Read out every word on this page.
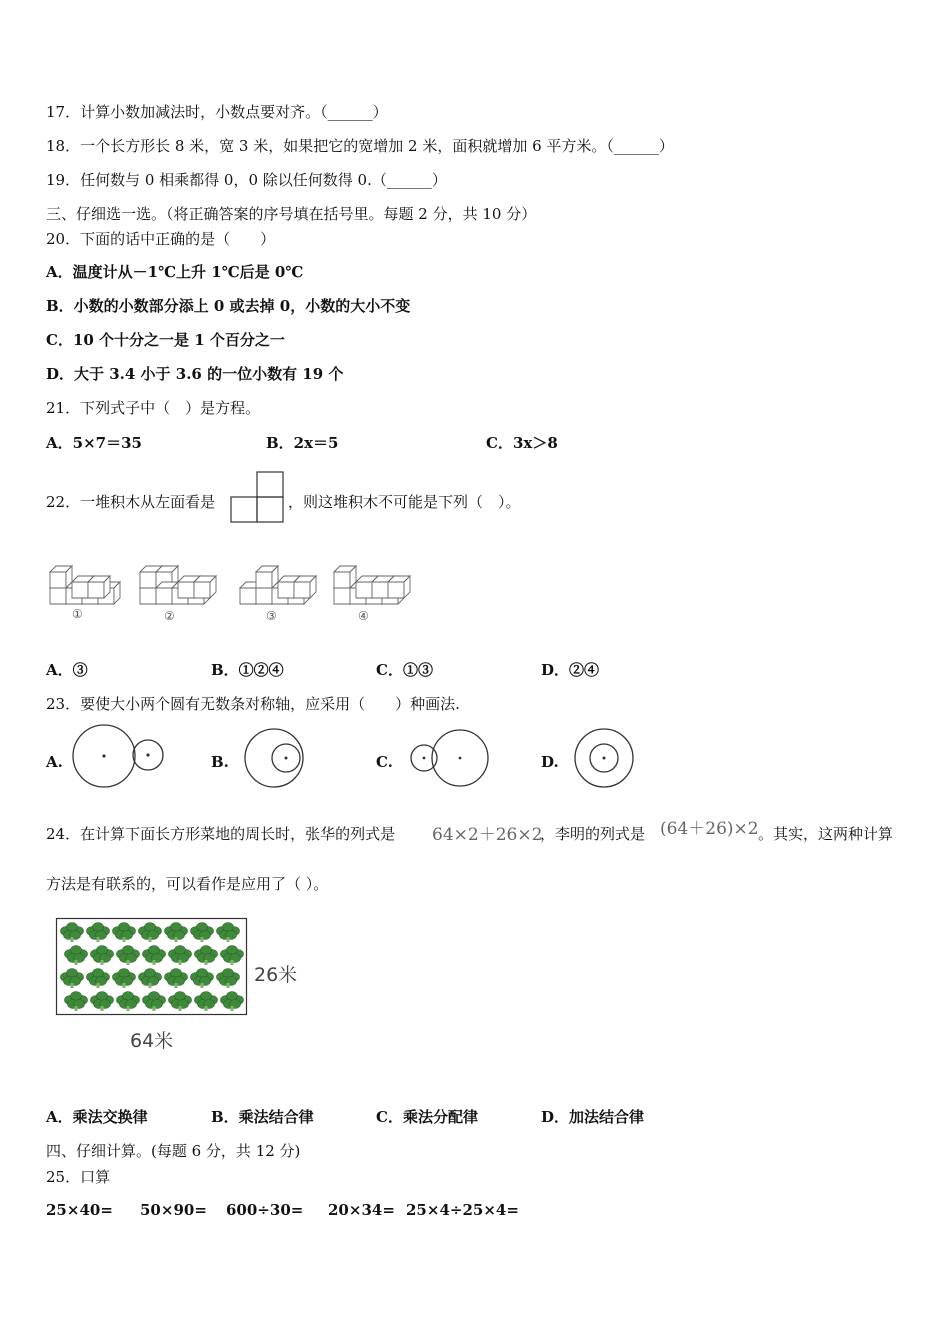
17．计算小数加减法时，小数点要对齐。（______）
18．一个长方形长 8 米，宽 3 米，如果把它的宽增加 2 米，面积就增加 6 平方米。（______）
19．任何数与 0 相乘都得 0，0 除以任何数得 0.（______）
三、仔细选一选。（将正确答案的序号填在括号里。每题 2 分，共 10 分）
20．下面的话中正确的是（　　）
A．温度计从－1℃上升 1℃后是 0℃
B．小数的小数部分添上 0 或去掉 0，小数的大小不变
C．10 个十分之一是 1 个百分之一
D．大于 3.4 小于 3.6 的一位小数有 19 个
21．下列式子中（　）是方程。
A．5×7＝35	B．2x＝5	C．3x＞8
22．一堆积木从左面看是	，则这堆积木不可能是下列（　）。
①	②	③	④
A．③	B．①②④	C．①③	D．②④
23．要使大小两个圆有无数条对称轴，应采用（　　）种画法.
A.	B.	C.	D.
24．在计算下面长方形菜地的周长时，张华的列式是 64×2＋26×2
，李明的列式是 (64＋26)×2 。其实，这两种计算
方法是有联系的，可以看作是应用了（ ）。
26米
64米
A．乘法交换律	B．乘法结合律	C．乘法分配律	D．加法结合律
四、仔细计算。(每题 6 分，共 12 分)
25．口算
25×40= 50×90= 600÷30= 20×34= 25×4÷25×4=
